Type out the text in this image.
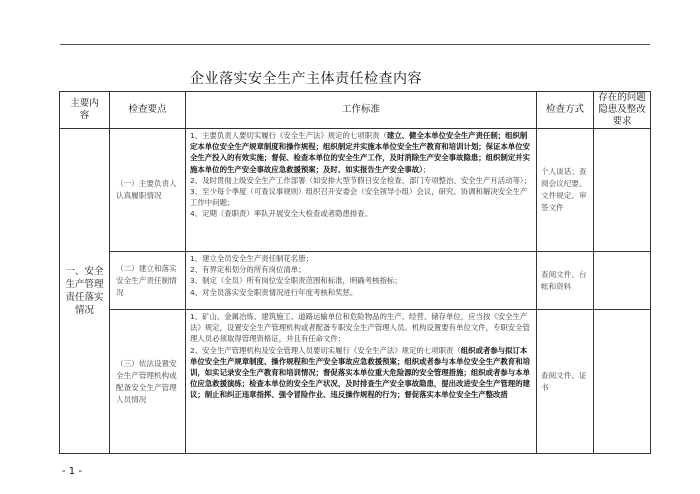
企业落实安全生产主体责任检查内容
主要内容	检查要点	工作标准	检查方式	存在的问题隐患及整改要求
一、安全生产管理责任落实情况	（一）主要负责人认真履职情况	1、主要负责人要切实履行《安全生产法》规定的七项职责（建立、健全本单位安全生产责任制；组织制定本单位安全生产规章制度和操作规程；组织制定并实施本单位安全生产教育和培训计划；保证本单位安全生产投入的有效实施；督促、检查本单位的安全生产工作，及时消除生产安全事故隐患；组织制定并实施本单位的生产安全事故应急救援预案；及时、如实报告生产安全事故）；
2、及时贯彻上级安全生产工作部署（如安排大型节假日安全检查、部门专项整治、安全生产月活动等）；
3、至少每个季度（可查议事规则）组织召开安委会（安全领导小组）会议，研究、协调和解决安全生产工作中问题；
4、定期（查职责）率队开展安全大检查或者隐患排查。	个人谈话；查阅会议纪要、文件规定、审签文件	
	（二）建立和落实安全生产责任制情况	1、建立全员安全生产责任制花名册；
2、有界定和划分的所有岗位清单；
3、制定（全员）所有岗位安全职责范围和标准，明确考核指标；
4、对全员落实安全职责情况进行年度考核和奖惩。	查阅文件、台帐和资料	
	（三）依法设置安全生产管理机构或配备安全生产管理人员情况	1、矿山、金属冶炼、建筑施工、道路运输单位和危险物品的生产、经营、储存单位，应当按《安全生产法》规定，设置安全生产管理机构或者配备专职安全生产管理人员。机构设置要有单位文件，专职安全管理人员必须取得管理资格证，并且有任命文件；
2、安全生产管理机构及安全管理人员要切实履行《安全生产法》规定的七项职责（组织或者参与拟订本单位安全生产规章制度、操作规程和生产安全事故应急救援预案；组织或者参与本单位安全生产教育和培训，如实记录安全生产教育和培训情况；督促落实本单位重大危险源的安全管理措施；组织或者参与本单位应急救援演练；检查本单位的安全生产状况，及时排查生产安全事故隐患，提出改进安全生产管理的建议；制止和纠正违章指挥、强令冒险作业、违反操作规程的行为；督促落实本单位安全生产整改措	查阅文件、证书	
- 1 -
